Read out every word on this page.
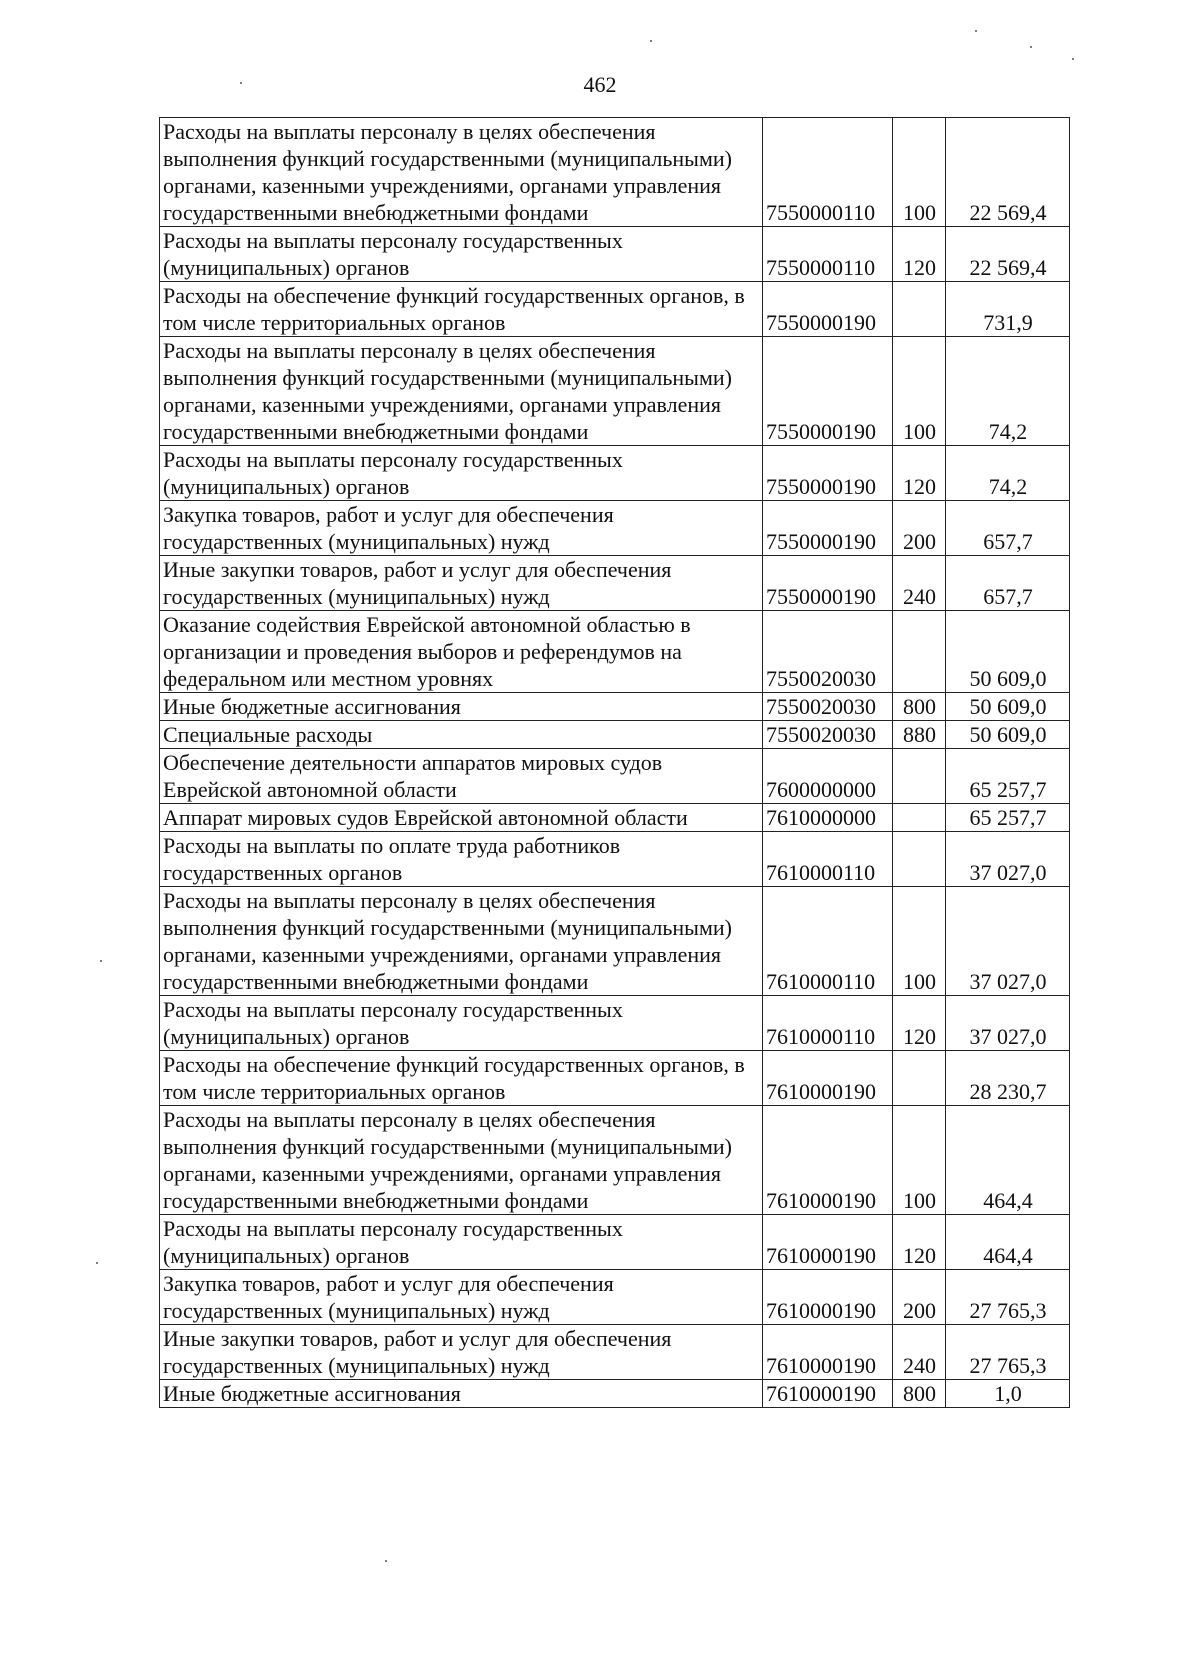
462
Расходы на выплаты персоналу в целях обеспечения выполнения функций государственными (муниципальными) органами, казенными учреждениями, органами управления государственными внебюджетными фондами	7550000110	100	22 569,4
Расходы на выплаты персоналу государственных (муниципальных) органов	7550000110	120	22 569,4
Расходы на обеспечение функций государственных органов, в том числе территориальных органов	7550000190		731,9
Расходы на выплаты персоналу в целях обеспечения выполнения функций государственными (муниципальными) органами, казенными учреждениями, органами управления государственными внебюджетными фондами	7550000190	100	74,2
Расходы на выплаты персоналу государственных (муниципальных) органов	7550000190	120	74,2
Закупка товаров, работ и услуг для обеспечения государственных (муниципальных) нужд	7550000190	200	657,7
Иные закупки товаров, работ и услуг для обеспечения государственных (муниципальных) нужд	7550000190	240	657,7
Оказание содействия Еврейской автономной областью в организации и проведения выборов и референдумов на федеральном или местном уровнях	7550020030		50 609,0
Иные бюджетные ассигнования	7550020030	800	50 609,0
Специальные расходы	7550020030	880	50 609,0
Обеспечение деятельности аппаратов мировых судов Еврейской автономной области	7600000000		65 257,7
Аппарат мировых судов Еврейской автономной области	7610000000		65 257,7
Расходы на выплаты по оплате труда работников государственных органов	7610000110		37 027,0
Расходы на выплаты персоналу в целях обеспечения выполнения функций государственными (муниципальными) органами, казенными учреждениями, органами управления государственными внебюджетными фондами	7610000110	100	37 027,0
Расходы на выплаты персоналу государственных (муниципальных) органов	7610000110	120	37 027,0
Расходы на обеспечение функций государственных органов, в том числе территориальных органов	7610000190		28 230,7
Расходы на выплаты персоналу в целях обеспечения выполнения функций государственными (муниципальными) органами, казенными учреждениями, органами управления государственными внебюджетными фондами	7610000190	100	464,4
Расходы на выплаты персоналу государственных (муниципальных) органов	7610000190	120	464,4
Закупка товаров, работ и услуг для обеспечения государственных (муниципальных) нужд	7610000190	200	27 765,3
Иные закупки товаров, работ и услуг для обеспечения государственных (муниципальных) нужд	7610000190	240	27 765,3
Иные бюджетные ассигнования	7610000190	800	1,0
